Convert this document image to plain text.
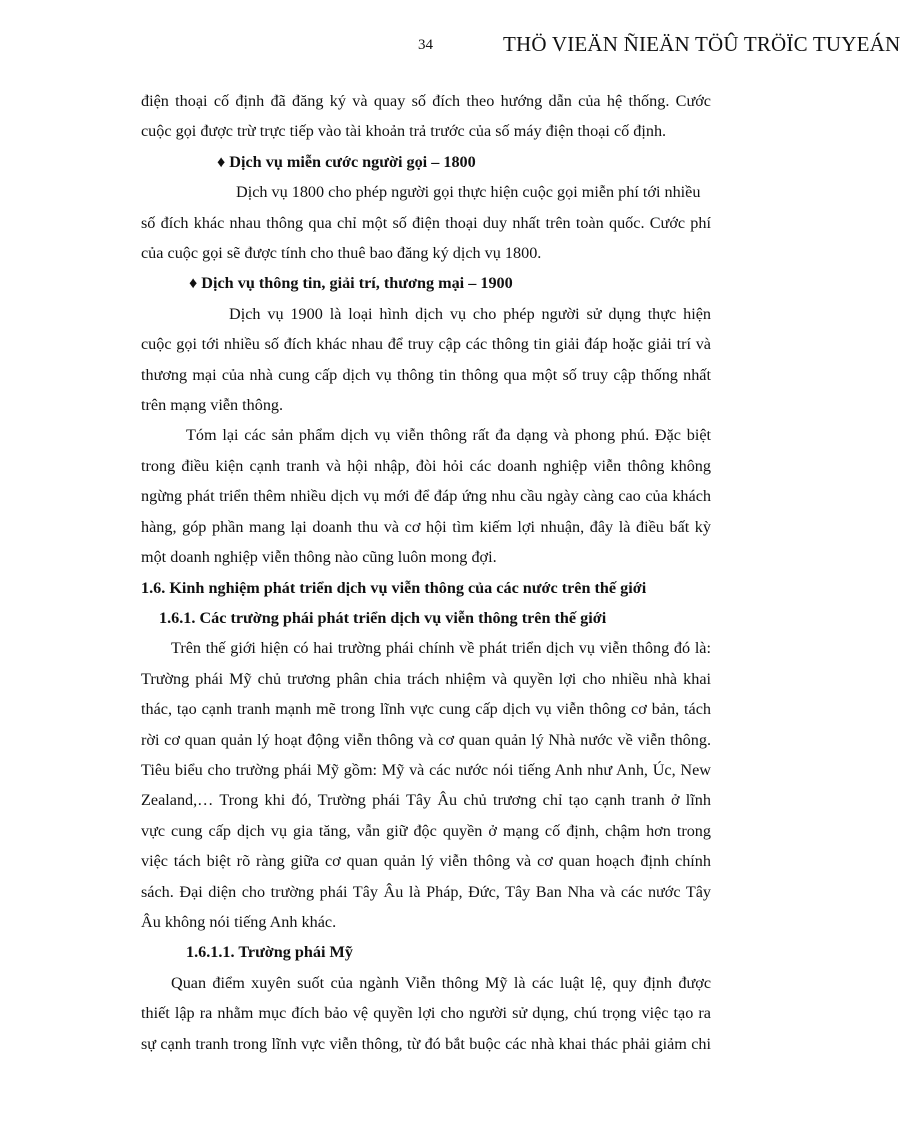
34	THÖ VIEÄN ÑIEÄN TÖÛ TRÖÏC TUYEÁN

điện thoại cố định đã đăng ký và quay số đích theo hướng dẫn của hệ thống. Cước

cuộc gọi được trừ trực tiếp vào tài khoản trả trước của số máy điện thoại cố định.

♦ Dịch vụ miễn cước người gọi – 1800

Dịch vụ 1800 cho phép người gọi thực hiện cuộc gọi miễn phí tới nhiều

số đích khác nhau thông qua chỉ một số điện thoại duy nhất trên toàn quốc. Cước phí

của cuộc gọi sẽ được tính cho thuê bao đăng ký dịch vụ 1800.

♦ Dịch vụ thông tin, giải trí, thương mại – 1900

Dịch vụ 1900 là loại hình dịch vụ cho phép người sử dụng thực hiện

cuộc gọi tới nhiều số đích khác nhau để truy cập các thông tin giải đáp hoặc giải trí và

thương mại của nhà cung cấp dịch vụ thông tin thông qua một số truy cập thống nhất

trên mạng viễn thông.

Tóm lại các sản phẩm dịch vụ viễn thông rất đa dạng và phong phú. Đặc biệt

trong điều kiện cạnh tranh và hội nhập, đòi hỏi các doanh nghiệp viễn thông không

ngừng phát triển thêm nhiều dịch vụ mới để đáp ứng nhu cầu ngày càng cao của khách

hàng, góp phần mang lại doanh thu và cơ hội tìm kiếm lợi nhuận, đây là điều bất kỳ

một doanh nghiệp viễn thông nào cũng luôn mong đợi.

1.6. Kinh nghiệm phát triển dịch vụ viễn thông của các nước trên thế giới

1.6.1. Các trường phái phát triển dịch vụ viễn thông trên thế giới

Trên thế giới hiện có hai trường phái chính về phát triển dịch vụ viễn thông đó là:

Trường phái Mỹ chủ trương phân chia trách nhiệm và quyền lợi cho nhiều nhà khai

thác, tạo cạnh tranh mạnh mẽ trong lĩnh vực cung cấp dịch vụ viễn thông cơ bản, tách

rời cơ quan quản lý hoạt động viễn thông và cơ quan quản lý Nhà nước về viễn thông.

Tiêu biểu cho trường phái Mỹ gồm: Mỹ và các nước nói tiếng Anh như Anh, Úc, New

Zealand,… Trong khi đó, Trường phái Tây Âu chủ trương chỉ tạo cạnh tranh ở lĩnh

vực cung cấp dịch vụ gia tăng, vẫn giữ độc quyền ở mạng cố định, chậm hơn trong

việc tách biệt rõ ràng giữa cơ quan quản lý viễn thông và cơ quan hoạch định chính

sách. Đại diện cho trường phái Tây Âu là Pháp, Đức, Tây Ban Nha và các nước Tây

Âu không nói tiếng Anh khác.

1.6.1.1. Trường phái Mỹ

Quan điểm xuyên suốt của ngành Viễn thông Mỹ là các luật lệ, quy định được

thiết lập ra nhằm mục đích bảo vệ quyền lợi cho người sử dụng, chú trọng việc tạo ra

sự cạnh tranh trong lĩnh vực viễn thông, từ đó bắt buộc các nhà khai thác phải giảm chi
